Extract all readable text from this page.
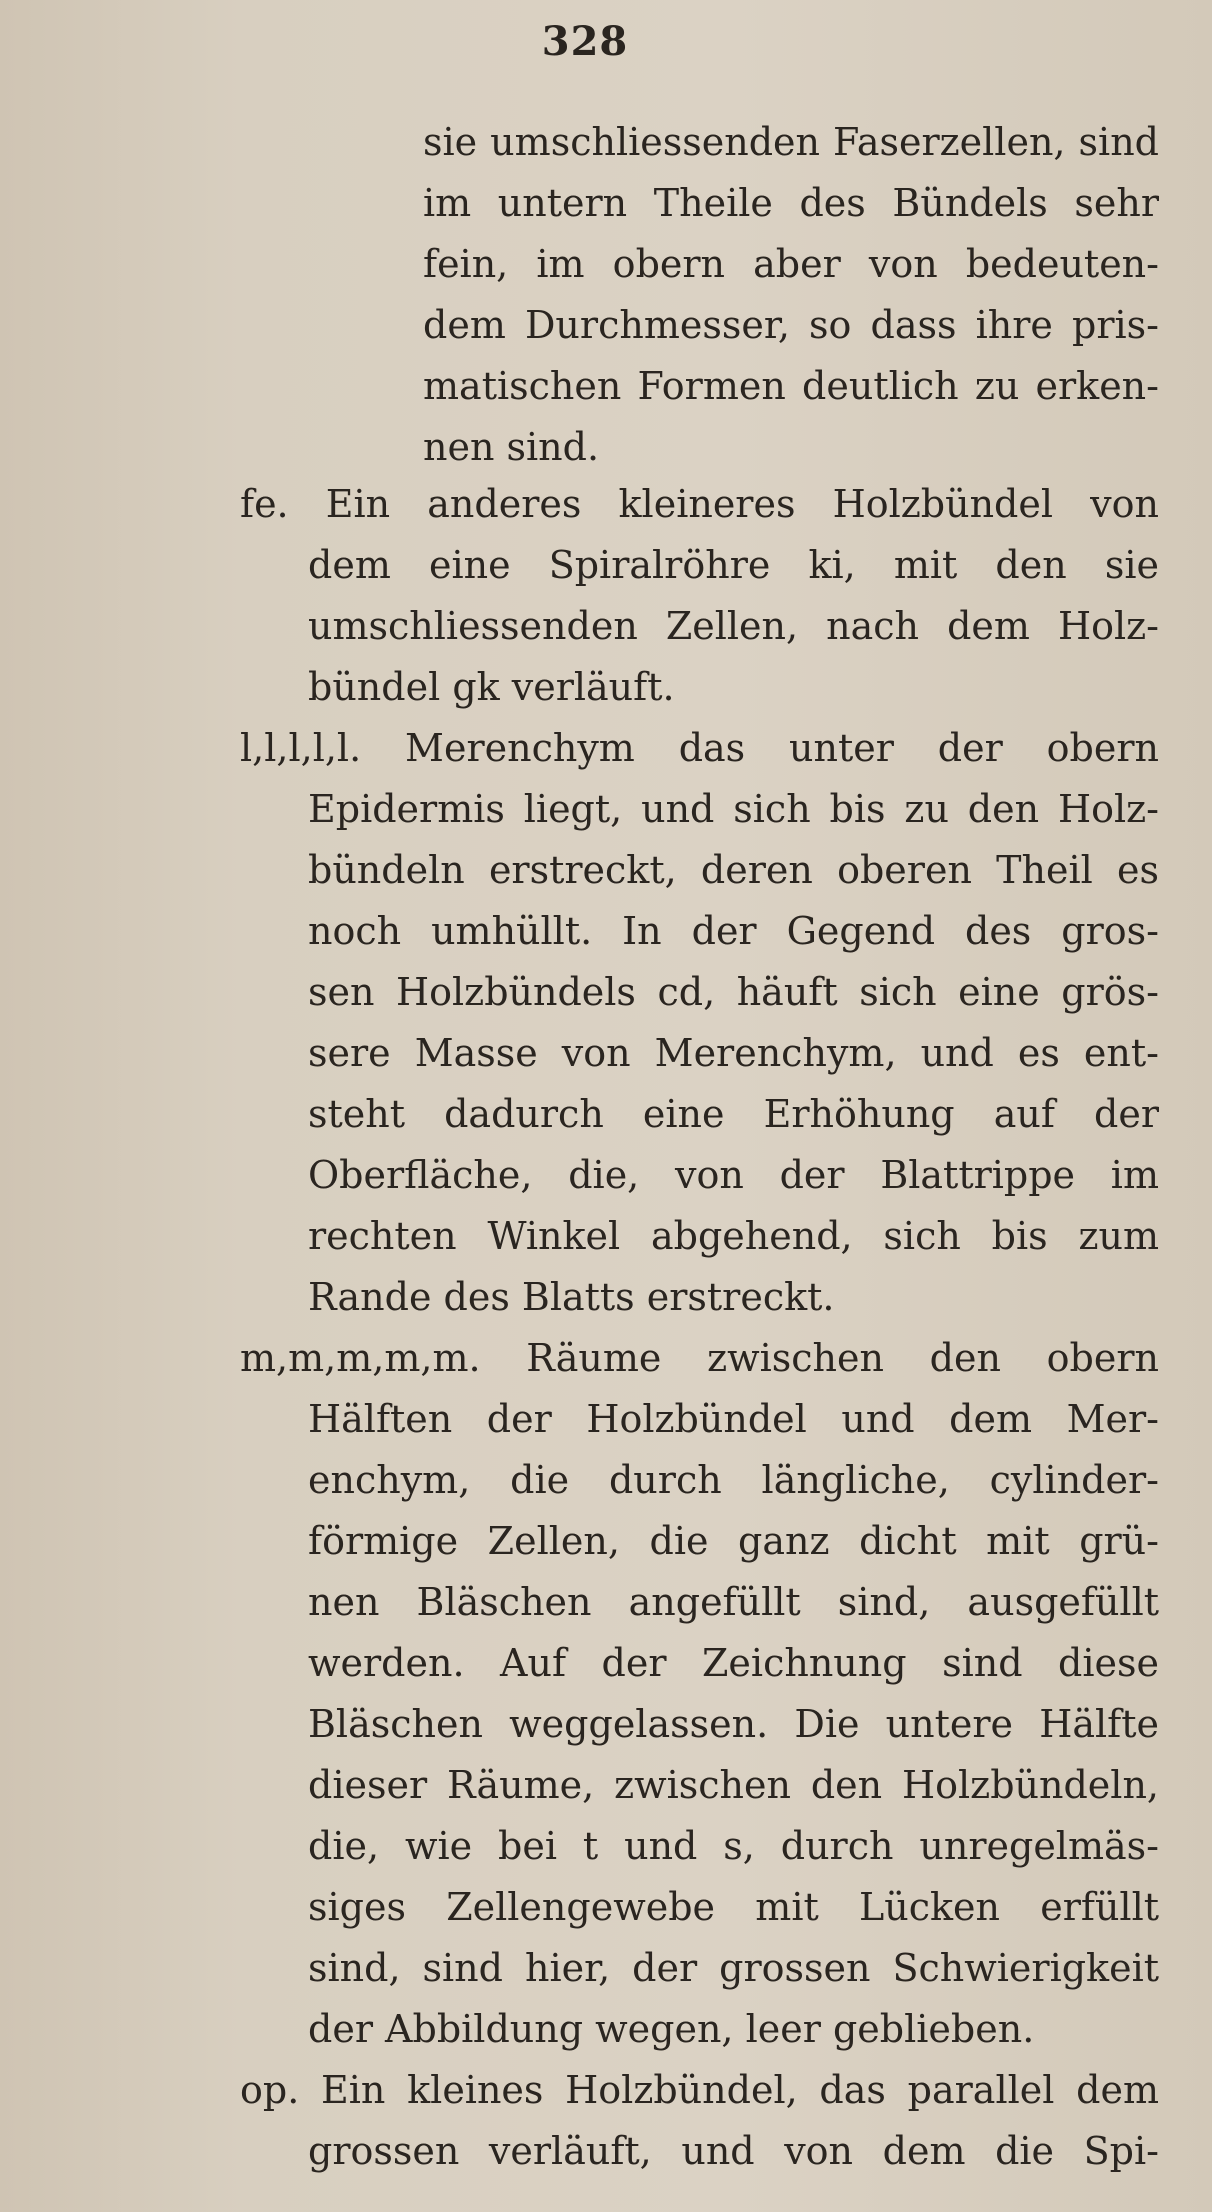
328
sie umschliessenden Faserzellen, sind
im untern Theile des Bündels sehr
fein, im obern aber von bedeuten-
dem Durchmesser, so dass ihre pris-
matischen Formen deutlich zu erken-
nen sind.
fe. Ein anderes kleineres Holzbündel von
dem eine Spiralröhre ki, mit den sie
umschliessenden Zellen, nach dem Holz-
bündel gk verläuft.
l,l,l,l,l. Merenchym das unter der obern
Epidermis liegt, und sich bis zu den Holz-
bündeln erstreckt, deren oberen Theil es
noch umhüllt. In der Gegend des gros-
sen Holzbündels cd, häuft sich eine grös-
sere Masse von Merenchym, und es ent-
steht dadurch eine Erhöhung auf der
Oberfläche, die, von der Blattrippe im
rechten Winkel abgehend, sich bis zum
Rande des Blatts erstreckt.
m,m,m,m,m. Räume zwischen den obern
Hälften der Holzbündel und dem Mer-
enchym, die durch längliche, cylinder-
förmige Zellen, die ganz dicht mit grü-
nen Bläschen angefüllt sind, ausgefüllt
werden. Auf der Zeichnung sind diese
Bläschen weggelassen. Die untere Hälfte
dieser Räume, zwischen den Holzbündeln,
die, wie bei t und s, durch unregelmäs-
siges Zellengewebe mit Lücken erfüllt
sind, sind hier, der grossen Schwierigkeit
der Abbildung wegen, leer geblieben.
op. Ein kleines Holzbündel, das parallel dem
grossen verläuft, und von dem die Spi-
